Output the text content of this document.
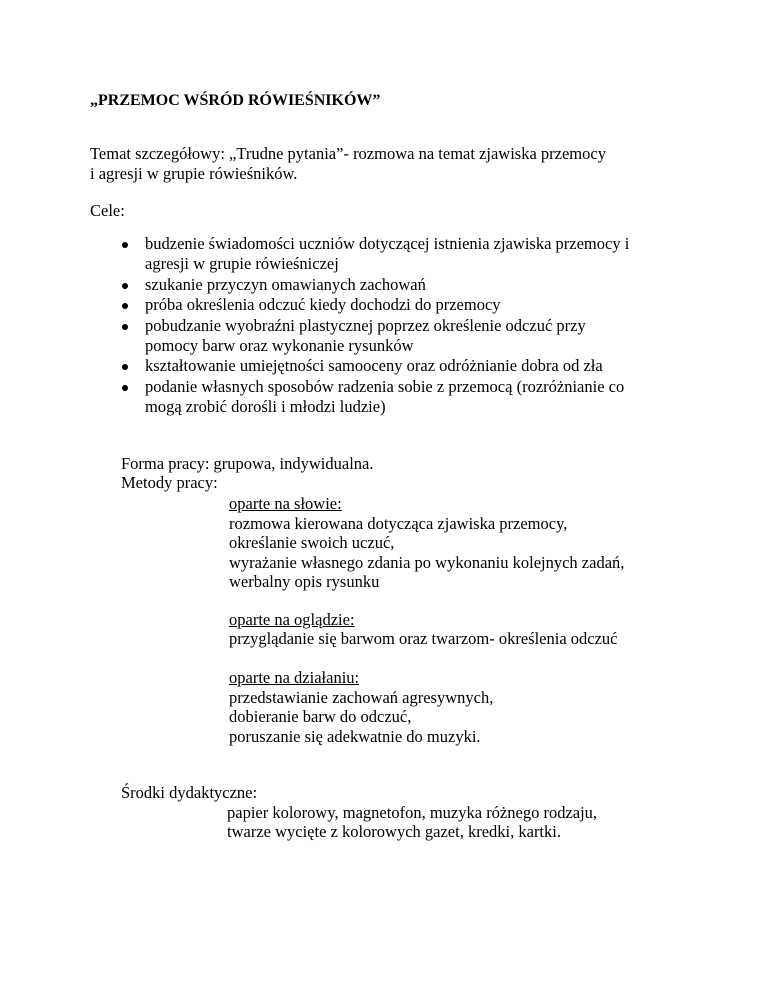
„PRZEMOC WŚRÓD RÓWIEŚNIKÓW”

Temat szczegółowy: „Trudne pytania”- rozmowa na temat zjawiska przemocy

i agresji w grupie rówieśników.

Cele:

budzenie świadomości uczniów dotyczącej istnienia zjawiska przemocy i
agresji w grupie rówieśniczej
szukanie przyczyn omawianych zachowań
próba określenia odczuć kiedy dochodzi do przemocy
pobudzanie wyobraźni plastycznej poprzez określenie odczuć przy
pomocy barw oraz wykonanie rysunków
kształtowanie umiejętności samooceny oraz odróżnianie dobra od zła
podanie własnych sposobów radzenia sobie z przemocą (rozróżnianie co
mogą zrobić dorośli i młodzi ludzie)

Forma pracy: grupowa, indywidualna.

Metody pracy:

oparte na słowie:

rozmowa kierowana dotycząca zjawiska przemocy,

określanie swoich uczuć,

wyrażanie własnego zdania po wykonaniu kolejnych zadań,

werbalny opis rysunku

oparte na oglądzie:

przyglądanie się barwom oraz twarzom- określenia odczuć

oparte na działaniu:

przedstawianie zachowań agresywnych,

dobieranie barw do odczuć,

poruszanie się adekwatnie do muzyki.

Środki dydaktyczne:

papier kolorowy, magnetofon, muzyka różnego rodzaju,

twarze wycięte z kolorowych gazet, kredki, kartki.
